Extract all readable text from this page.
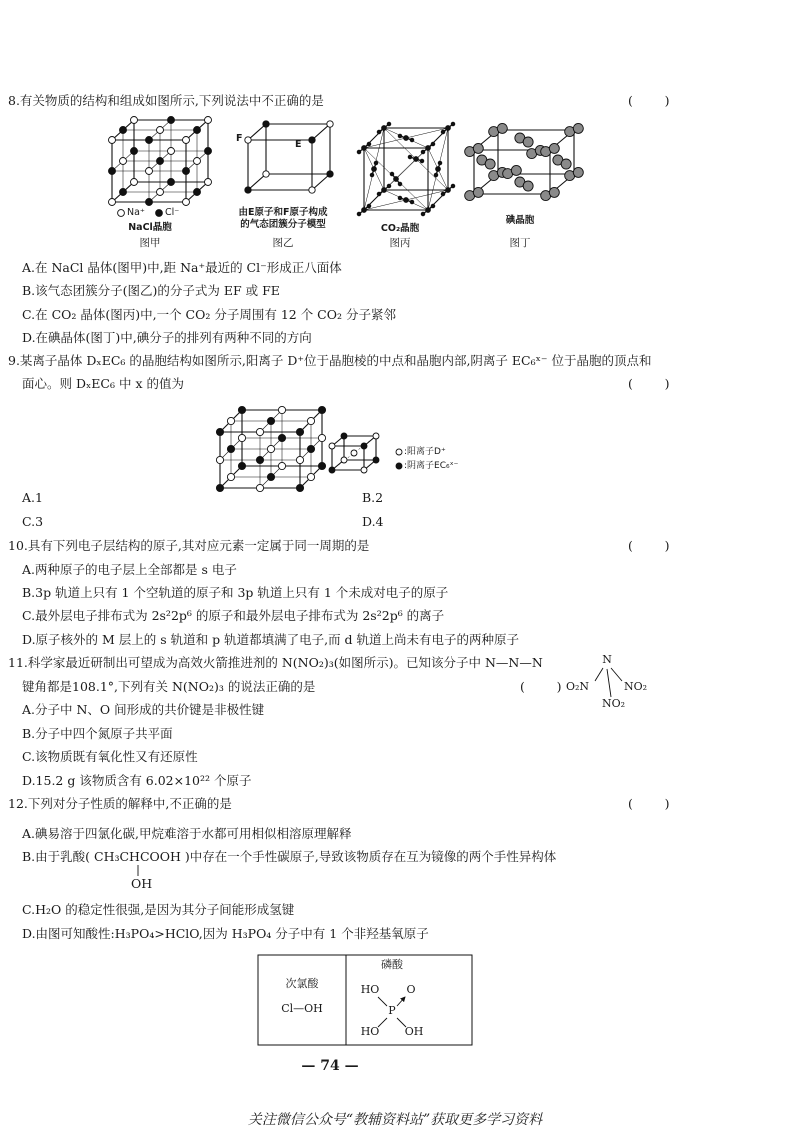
8.有关物质的结构和组成如图所示,下列说法中不正确的是	(        )
Na⁺ Cl⁻
NaCl晶胞
图甲
F
E
由E原子和F原子构成
的气态团簇分子模型
图乙
CO₂晶胞
图丙
碘晶胞
图丁
A.在 NaCl 晶体(图甲)中,距 Na⁺最近的 Cl⁻形成正八面体
B.该气态团簇分子(图乙)的分子式为 EF 或 FE
C.在 CO₂ 晶体(图丙)中,一个 CO₂ 分子周围有 12 个 CO₂ 分子紧邻
D.在碘晶体(图丁)中,碘分子的排列有两种不同的方向
9.某离子晶体 DₓEC₆ 的晶胞结构如图所示,阳离子 D⁺位于晶胞棱的中点和晶胞内部,阴离子 EC₆ˣ⁻ 位于晶胞的顶点和
面心。则 DₓEC₆ 中 x 的值为	(        )
:阳离子D⁺
:阴离子EC₆ˣ⁻
A.1	B.2
C.3	D.4
10.具有下列电子层结构的原子,其对应元素一定属于同一周期的是	(        )
A.两种原子的电子层上全部都是 s 电子
B.3p 轨道上只有 1 个空轨道的原子和 3p 轨道上只有 1 个未成对电子的原子
C.最外层电子排布式为 2s²2p⁶ 的原子和最外层电子排布式为 2s²2p⁶ 的离子
D.原子核外的 M 层上的 s 轨道和 p 轨道都填满了电子,而 d 轨道上尚未有电子的两种原子
11.科学家最近研制出可望成为高效火箭推进剂的 N(NO₂)₃(如图所示)。已知该分子中 N—N—N
键角都是108.1°,下列有关 N(NO₂)₃ 的说法正确的是	(        )
N
O₂N	NO₂
NO₂
A.分子中 N、O 间形成的共价键是非极性键
B.分子中四个氮原子共平面
C.该物质既有氧化性又有还原性
D.15.2 g 该物质含有 6.02×10²² 个原子
12.下列对分子性质的解释中,不正确的是	(        )
A.碘易溶于四氯化碳,甲烷难溶于水都可用相似相溶原理解释
B.由于乳酸( CH₃CHCOOH )中存在一个手性碳原子,导致该物质存在互为镜像的两个手性异构体
OH
C.H₂O 的稳定性很强,是因为其分子间能形成氢键
D.由图可知酸性:H₃PO₄>HClO,因为 H₃PO₄ 分子中有 1 个非羟基氧原子
次氯酸
Cl—OH
磷酸
HO O
P
HO OH
— 74 —
关注微信公众号“教辅资料站”获取更多学习资料
